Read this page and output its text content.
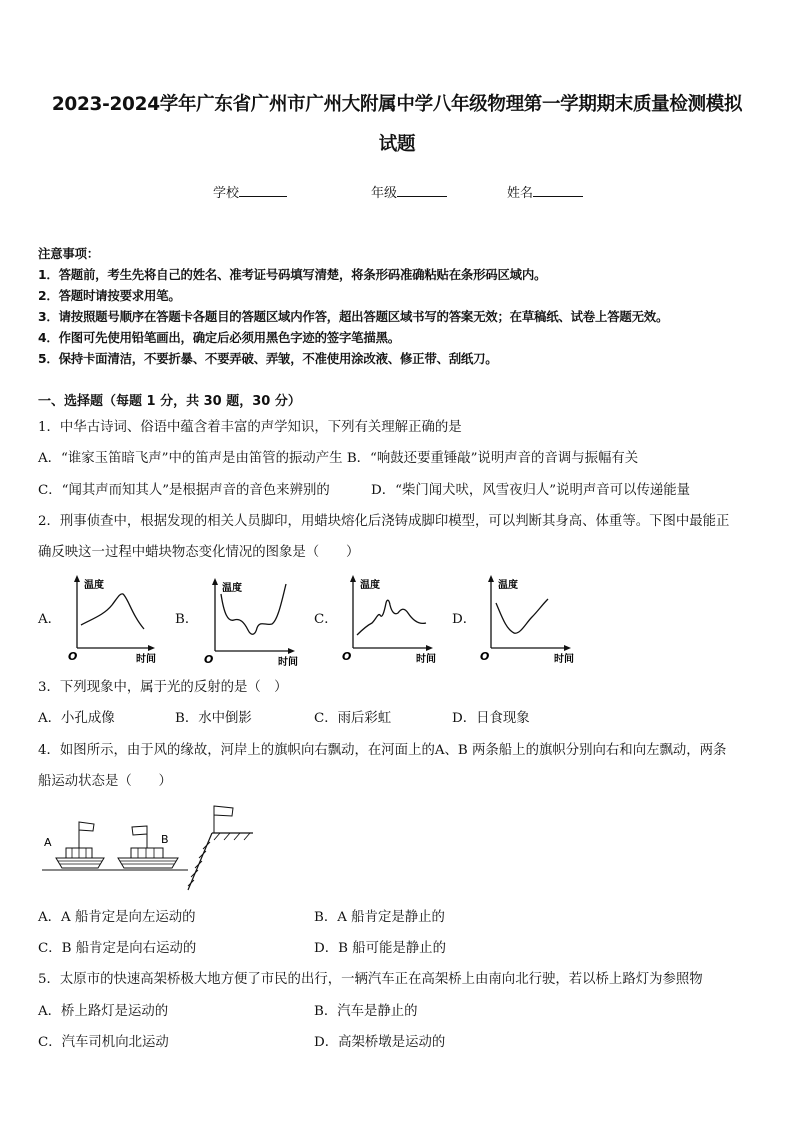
2023-2024学年广东省广州市广州大附属中学八年级物理第一学期期末质量检测模拟
试题
学校	年级	姓名
注意事项：
1．答题前，考生先将自己的姓名、准考证号码填写清楚，将条形码准确粘贴在条形码区域内。
2．答题时请按要求用笔。
3．请按照题号顺序在答题卡各题目的答题区域内作答，超出答题区域书写的答案无效；在草稿纸、试卷上答题无效。
4．作图可先使用铅笔画出，确定后必须用黑色字迹的签字笔描黑。
5．保持卡面清洁，不要折暴、不要弄破、弄皱，不准使用涂改液、修正带、刮纸刀。
一、选择题（每题 1 分，共 30 题，30 分）
1．中华古诗词、俗语中蕴含着丰富的声学知识，下列有关理解正确的是
A．“谁家玉笛暗飞声”中的笛声是由笛管的振动产生 B．“响鼓还要重锤敲”说明声音的音调与振幅有关
C．“闻其声而知其人”是根据声音的音色来辨别的	D．“柴门闻犬吠，风雪夜归人”说明声音可以传递能量
2．刑事侦查中，根据发现的相关人员脚印，用蜡块熔化后浇铸成脚印模型，可以判断其身高、体重等。下图中最能正
确反映这一过程中蜡块物态变化情况的图象是（　　）
A．	B．	C．	D．
温度
时间
O
温度
时间
O
温度
时间
O
温度
时间
O
3．下列现象中，属于光的反射的是（　）
A．小孔成像	B．水中倒影	C．雨后彩虹	D．日食现象
4．如图所示，由于风的缘故，河岸上的旗帜向右飘动，在河面上的A、B 两条船上的旗帜分别向右和向左飘动，两条
船运动状态是（　　）
A	B
A．A 船肯定是向左运动的	B．A 船肯定是静止的
C．B 船肯定是向右运动的	D．B 船可能是静止的
5．太原市的快速高架桥极大地方便了市民的出行，一辆汽车正在高架桥上由南向北行驶，若以桥上路灯为参照物
A．桥上路灯是运动的	B．汽车是静止的
C．汽车司机向北运动	D．高架桥墩是运动的
